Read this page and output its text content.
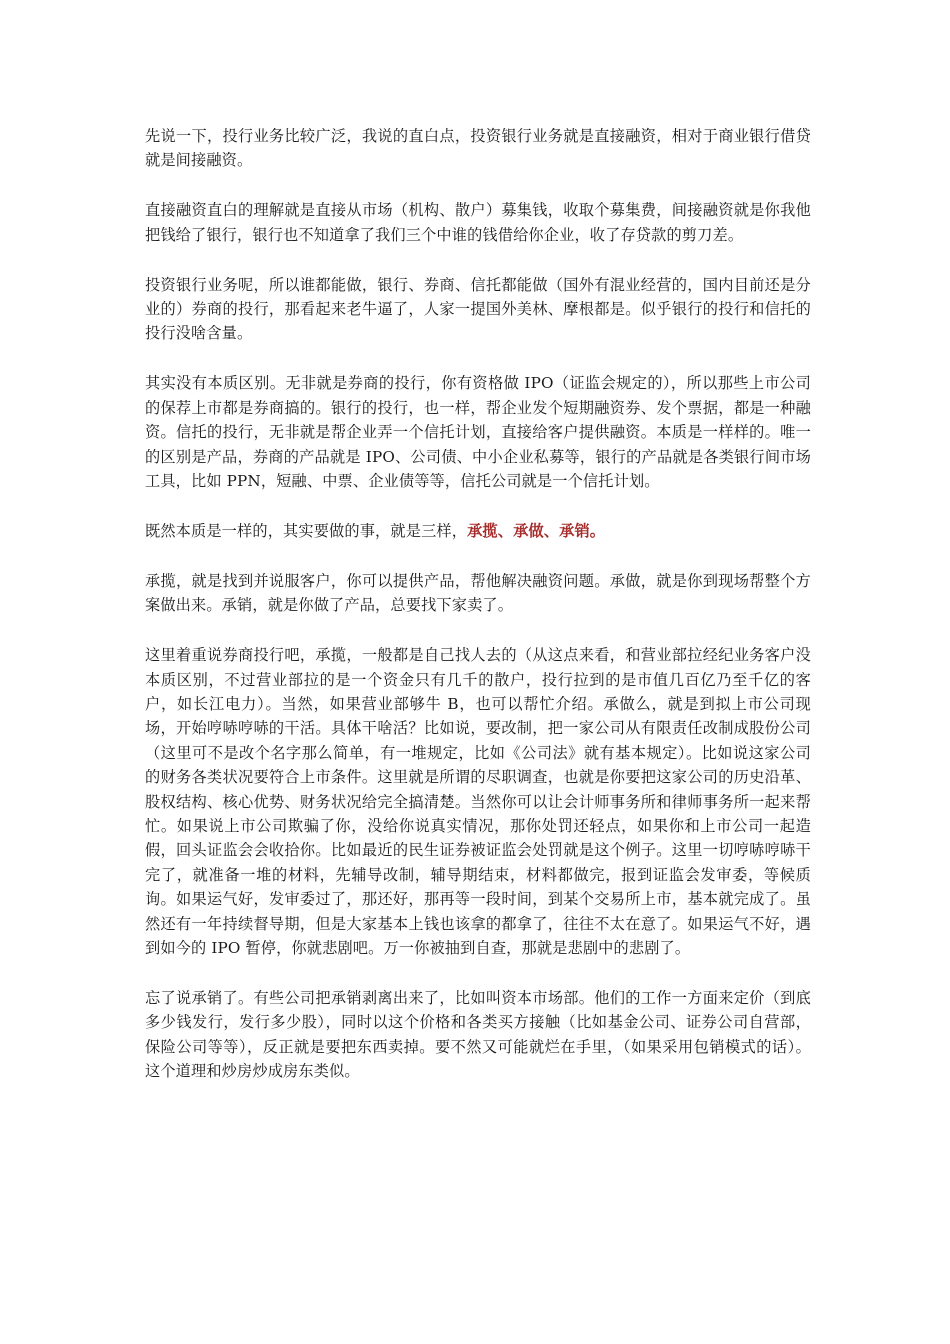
先说一下，投行业务比较广泛，我说的直白点，投资银行业务就是直接融资，相对于商业银行借贷就是间接融资。

直接融资直白的理解就是直接从市场（机构、散户）募集钱，收取个募集费，间接融资就是你我他把钱给了银行，银行也不知道拿了我们三个中谁的钱借给你企业，收了存贷款的剪刀差。

投资银行业务呢，所以谁都能做，银行、券商、信托都能做（国外有混业经营的，国内目前还是分业的）券商的投行，那看起来老牛逼了，人家一提国外美林、摩根都是。似乎银行的投行和信托的投行没啥含量。

其实没有本质区别。无非就是券商的投行，你有资格做 IPO（证监会规定的），所以那些上市公司的保荐上市都是券商搞的。银行的投行，也一样，帮企业发个短期融资券、发个票据，都是一种融资。信托的投行，无非就是帮企业弄一个信托计划，直接给客户提供融资。本质是一样样的。唯一的区别是产品，券商的产品就是 IPO、公司债、中小企业私募等，银行的产品就是各类银行间市场工具，比如 PPN，短融、中票、企业债等等，信托公司就是一个信托计划。

既然本质是一样的，其实要做的事，就是三样，承揽、承做、承销。

承揽，就是找到并说服客户，你可以提供产品，帮他解决融资问题。承做，就是你到现场帮整个方案做出来。承销，就是你做了产品，总要找下家卖了。

这里着重说券商投行吧，承揽，一般都是自己找人去的（从这点来看，和营业部拉经纪业务客户没本质区别，不过营业部拉的是一个资金只有几千的散户，投行拉到的是市值几百亿乃至千亿的客户，如长江电力）。当然，如果营业部够牛 B，也可以帮忙介绍。承做么，就是到拟上市公司现场，开始哼哧哼哧的干活。具体干啥活？比如说，要改制，把一家公司从有限责任改制成股份公司（这里可不是改个名字那么简单，有一堆规定，比如《公司法》就有基本规定）。比如说这家公司的财务各类状况要符合上市条件。这里就是所谓的尽职调查，也就是你要把这家公司的历史沿革、股权结构、核心优势、财务状况给完全搞清楚。当然你可以让会计师事务所和律师事务所一起来帮忙。如果说上市公司欺骗了你，没给你说真实情况，那你处罚还轻点，如果你和上市公司一起造假，回头证监会会收拾你。比如最近的民生证券被证监会处罚就是这个例子。这里一切哼哧哼哧干完了，就准备一堆的材料，先辅导改制，辅导期结束，材料都做完，报到证监会发审委，等候质询。如果运气好，发审委过了，那还好，那再等一段时间，到某个交易所上市，基本就完成了。虽然还有一年持续督导期，但是大家基本上钱也该拿的都拿了，往往不太在意了。如果运气不好，遇到如今的 IPO 暂停，你就悲剧吧。万一你被抽到自查，那就是悲剧中的悲剧了。

忘了说承销了。有些公司把承销剥离出来了，比如叫资本市场部。他们的工作一方面来定价（到底多少钱发行，发行多少股），同时以这个价格和各类买方接触（比如基金公司、证券公司自营部，保险公司等等），反正就是要把东西卖掉。要不然又可能就烂在手里，（如果采用包销模式的话）。这个道理和炒房炒成房东类似。
